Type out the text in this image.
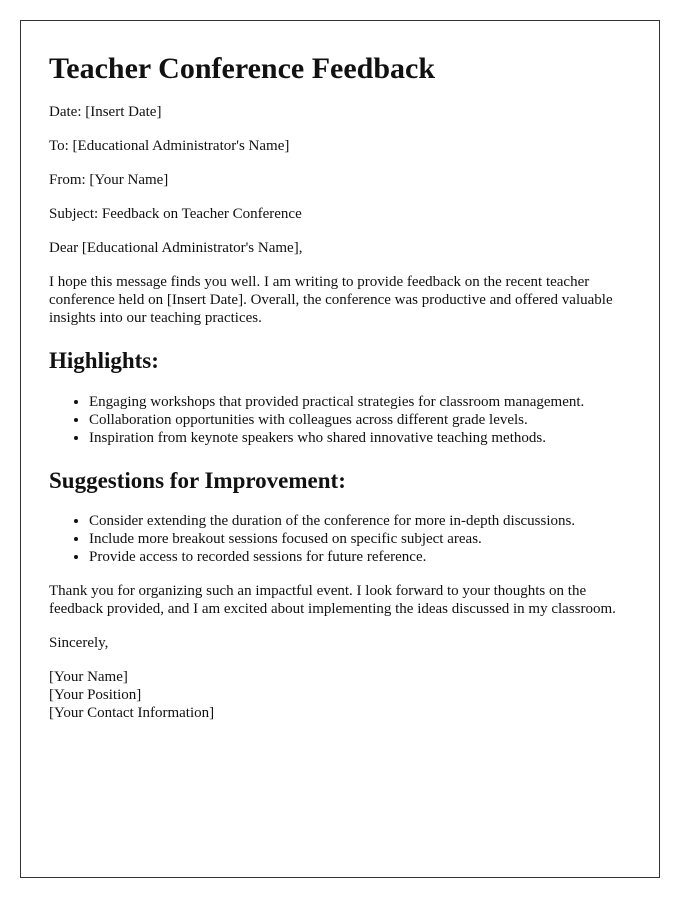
Teacher Conference Feedback

Date: [Insert Date]

To: [Educational Administrator's Name]

From: [Your Name]

Subject: Feedback on Teacher Conference

Dear [Educational Administrator's Name],

I hope this message finds you well. I am writing to provide feedback on the recent teacher conference held on [Insert Date]. Overall, the conference was productive and offered valuable insights into our teaching practices.

Highlights:
• Engaging workshops that provided practical strategies for classroom management.
• Collaboration opportunities with colleagues across different grade levels.
• Inspiration from keynote speakers who shared innovative teaching methods.
Suggestions for Improvement:
• Consider extending the duration of the conference for more in-depth discussions.
• Include more breakout sessions focused on specific subject areas.
• Provide access to recorded sessions for future reference.

Thank you for organizing such an impactful event. I look forward to your thoughts on the feedback provided, and I am excited about implementing the ideas discussed in my classroom.

Sincerely,

[Your Name]
[Your Position]
[Your Contact Information]
